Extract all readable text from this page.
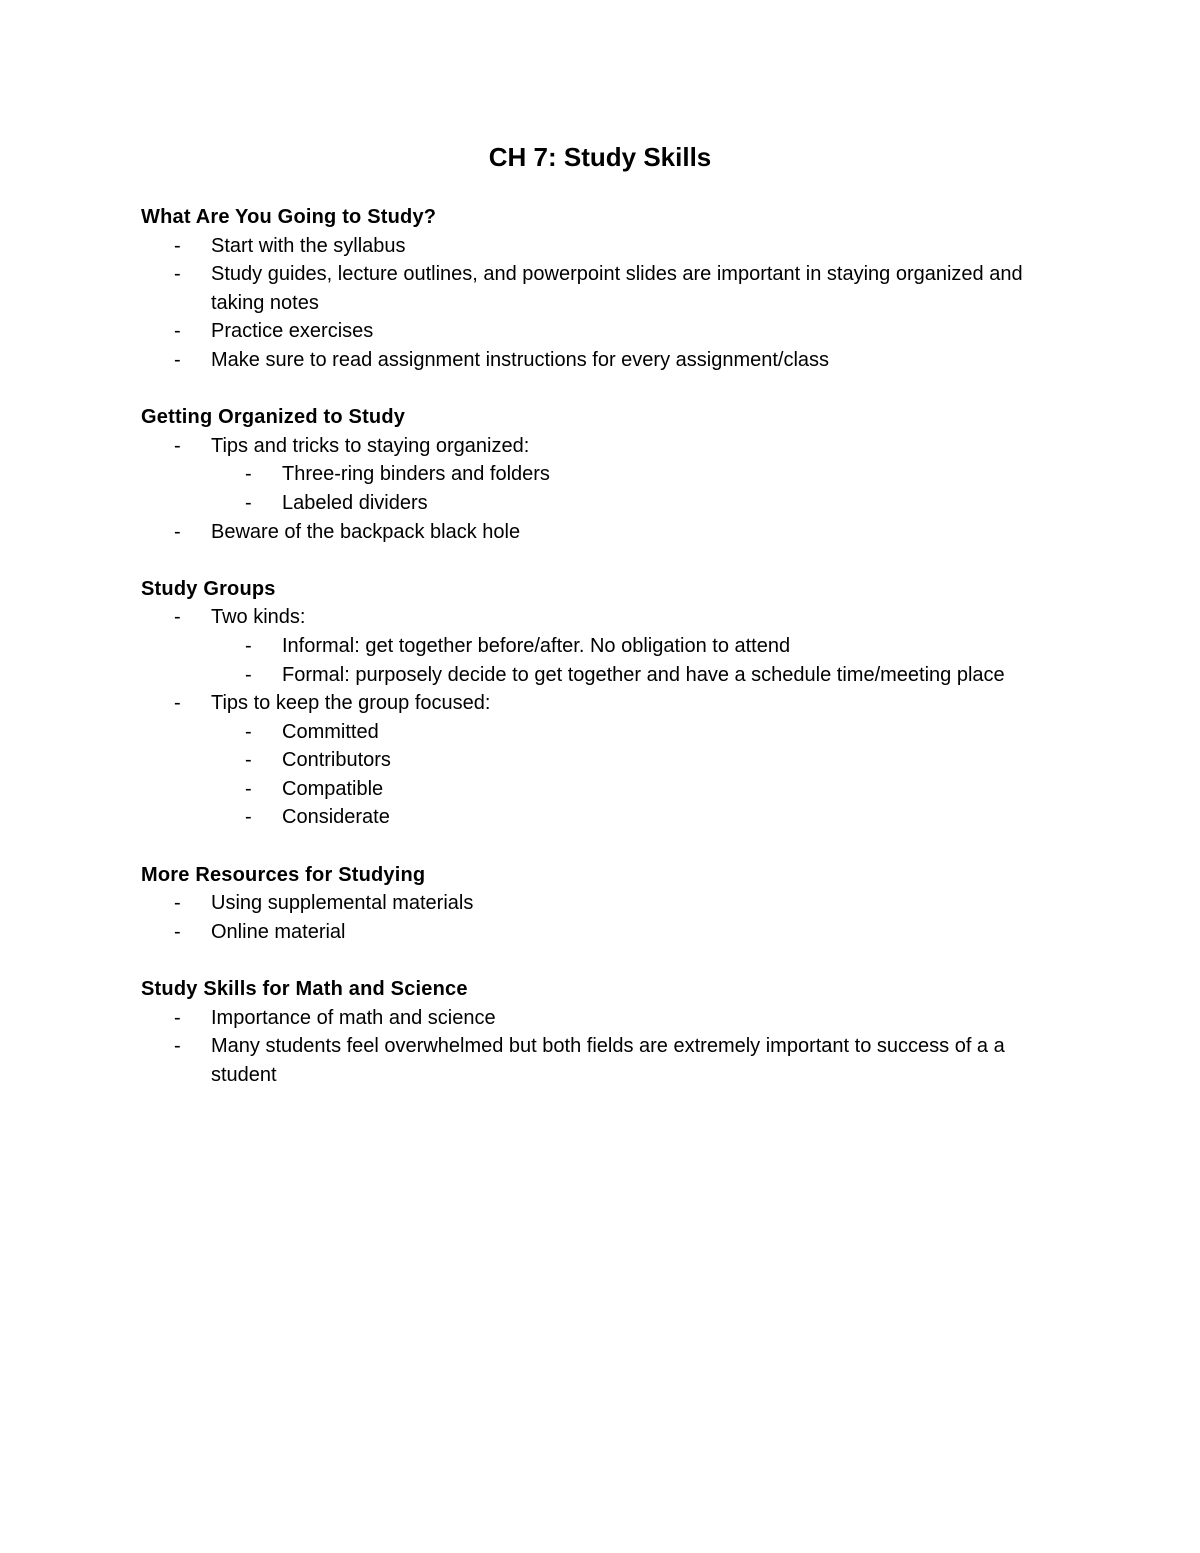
CH 7: Study Skills

What Are You Going to Study?

- Start with the syllabus
- Study guides, lecture outlines, and powerpoint slides are important in staying organized and taking notes
- Practice exercises
- Make sure to read assignment instructions for every assignment/class

Getting Organized to Study

- Tips and tricks to staying organized:
- Three-ring binders and folders
- Labeled dividers
- Beware of the backpack black hole

Study Groups

- Two kinds:
- Informal: get together before/after. No obligation to attend
- Formal: purposely decide to get together and have a schedule time/meeting place
- Tips to keep the group focused:
- Committed
- Contributors
- Compatible
- Considerate

More Resources for Studying

- Using supplemental materials
- Online material

Study Skills for Math and Science

- Importance of math and science
- Many students feel overwhelmed but both fields are extremely important to success of a a student
